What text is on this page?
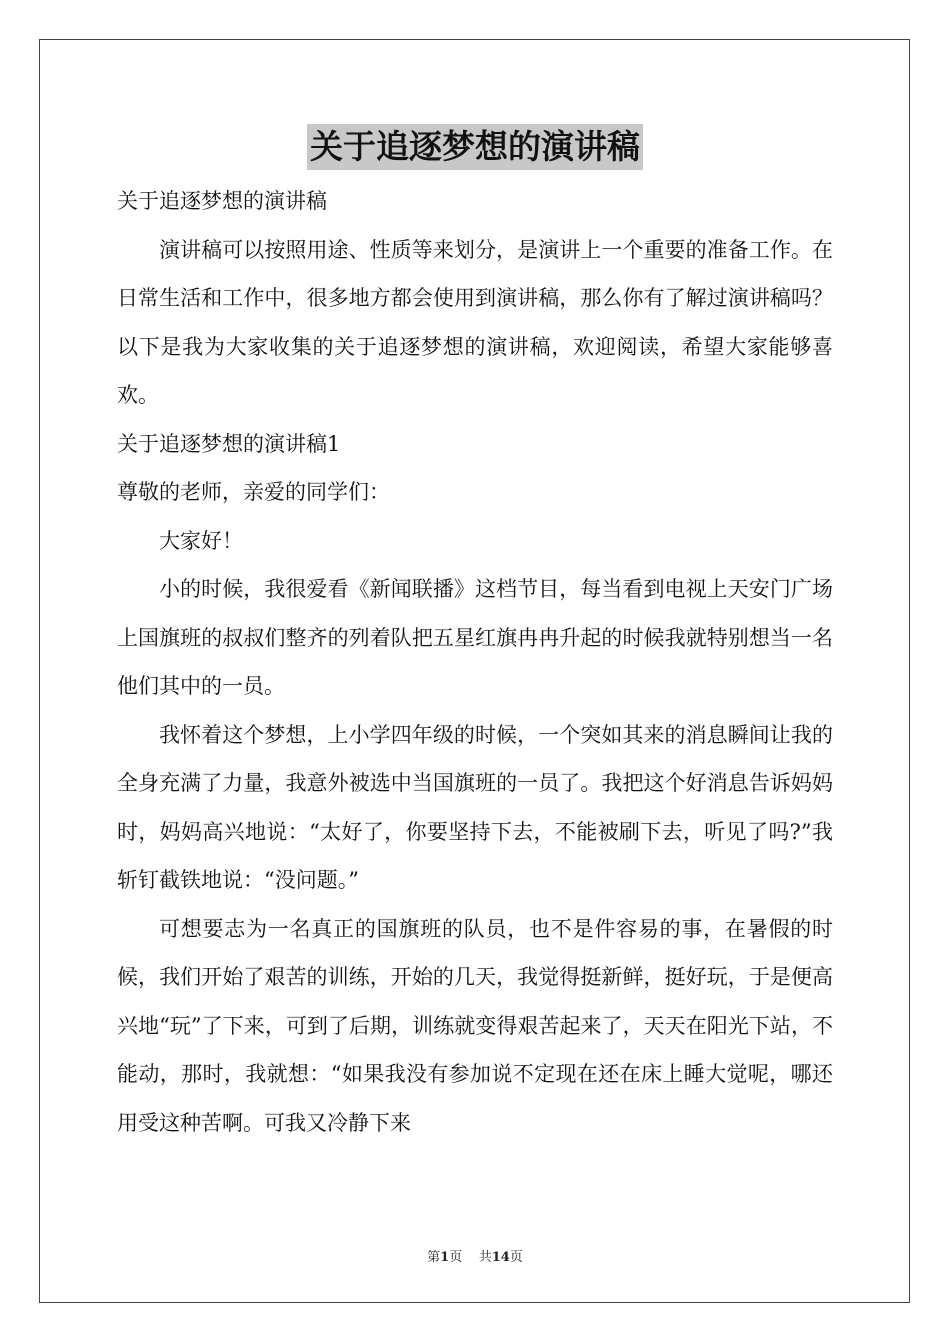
关于追逐梦想的演讲稿
关于追逐梦想的演讲稿

演讲稿可以按照用途、性质等来划分，是演讲上一个重要的准备工作。在日常生活和工作中，很多地方都会使用到演讲稿，那么你有了解过演讲稿吗？以下是我为大家收集的关于追逐梦想的演讲稿，欢迎阅读，希望大家能够喜欢。

关于追逐梦想的演讲稿1
尊敬的老师，亲爱的同学们：

大家好！

小的时候，我很爱看《新闻联播》这档节目，每当看到电视上天安门广场上国旗班的叔叔们整齐的列着队把五星红旗冉冉升起的时候我就特别想当一名他们其中的一员。

我怀着这个梦想，上小学四年级的时候，一个突如其来的消息瞬间让我的全身充满了力量，我意外被选中当国旗班的一员了。我把这个好消息告诉妈妈时，妈妈高兴地说：“太好了，你要坚持下去，不能被刷下去，听见了吗?”我斩钉截铁地说：“没问题。”

可想要志为一名真正的国旗班的队员，也不是件容易的事，在暑假的时候，我们开始了艰苦的训练，开始的几天，我觉得挺新鲜，挺好玩，于是便高兴地“玩”了下来，可到了后期，训练就变得艰苦起来了，天天在阳光下站，不能动，那时，我就想：“如果我没有参加说不定现在还在床上睡大觉呢，哪还用受这种苦啊。可我又冷静下来

第1页 共14页
